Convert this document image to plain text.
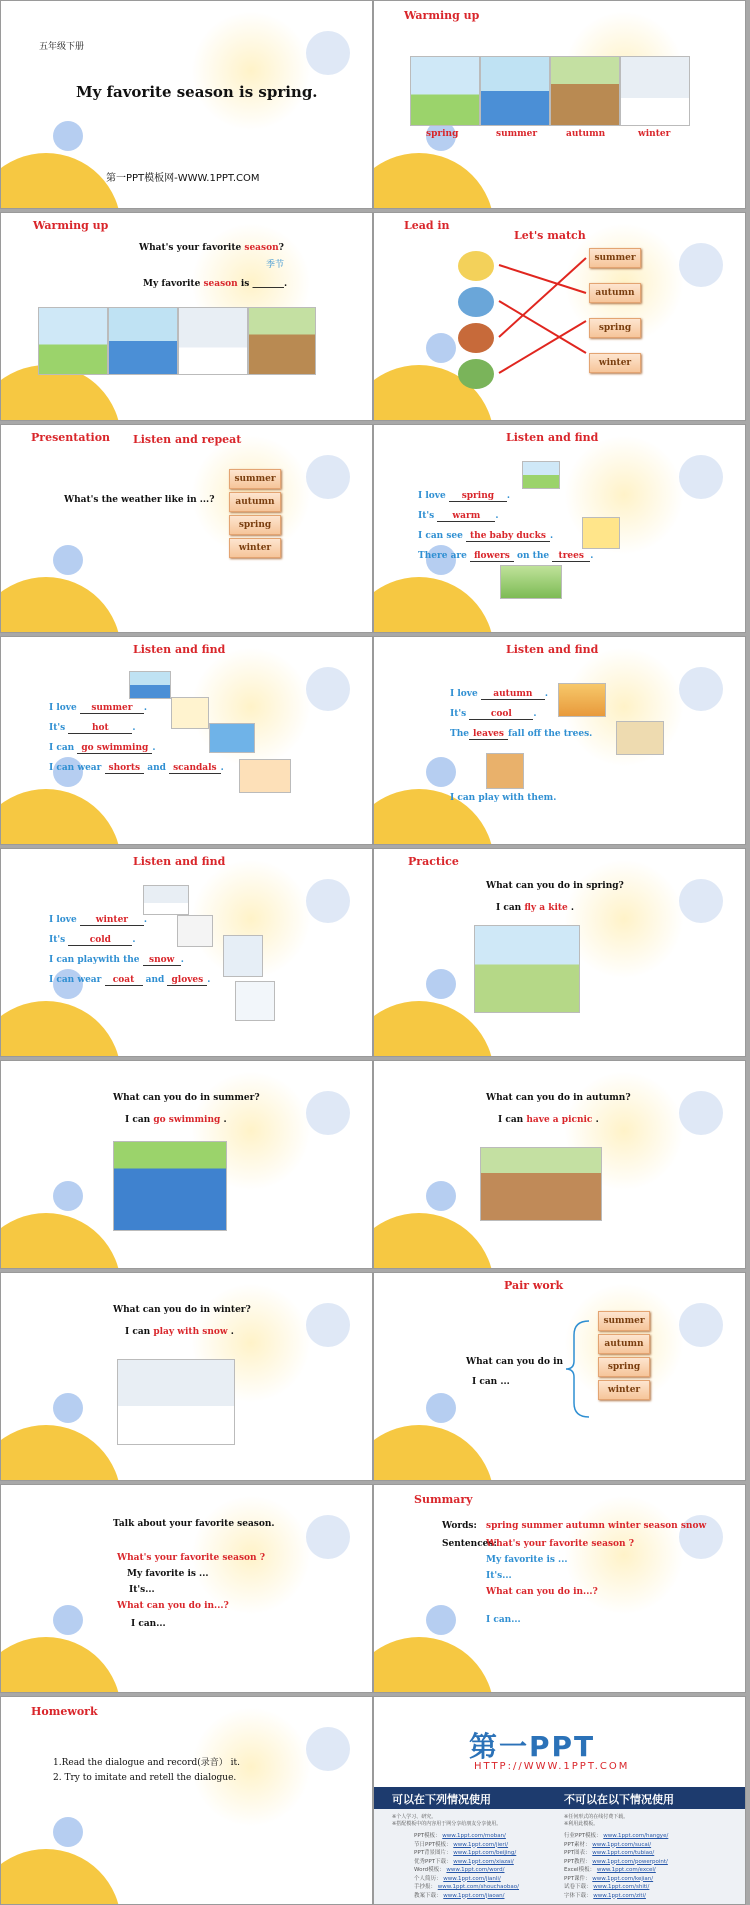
五年级下册
My favorite season is spring.
第一PPT模板网-WWW.1PPT.COM
Warming up
spring	summer	autumn	winter
Warming up
What's your favorite season?
季节
My favorite season is _______.
Lead in
Let's match
summer
autumn
spring
winter
Presentation Listen and repeat
What's the weather like in ...?
summer
autumn
spring
winter
Listen and find
I love spring .
It's warm .
I can see the baby ducks .
There are flowers on the trees .
Listen and find
I love summer .
It's	hot	.
I can go swimming .
I can wear shorts and scandals .
Listen and find
I love autumn .
It's	cool .
The leaves fall off the trees.
I can play with them.
Listen and find
I love winter .
It's	cold .
I can playwith the snow .
I can wear coat and gloves .
Practice
What can you do in spring?
I can fly a kite .
What can you do in summer?
I can go swimming .
What can you do in autumn?
I can have a picnic .
What can you do in winter?
I can play with snow .
Pair work
What can you do in
I can ...
summer
autumn
spring
winter
Talk about your favorite season.
What's your favorite season ?
My favorite is ...
It's...
What can you do in...?
I can...
Summary
Words: spring summer autumn winter season snow
Sentences:
What's your favorite season ?
My favorite is ...
It's...
What can you do in...?
I can...
Homework
1.Read the dialogue and record(录音） it.
2. Try to imitate and retell the dialogue.
第一PPT
HTTP://WWW.1PPT.COM
可以在下列情况使用	不可以在以下情况使用
※个人学习、研究。
※搭配模板中的内容用于网分享给朋友分享使用。
※任何形式的在线付费下载。
※利用此模板。
PPT模板： www.1ppt.com/moban/
节日PPT模板： www.1ppt.com/jieri/
PPT背景图片： www.1ppt.com/beijing/
优秀PPT下载： www.1ppt.com/xiazai/
Word模板： www.1ppt.com/word/
个人简历： www.1ppt.com/jianli/
手抄报： www.1ppt.com/shouchaobao/
教案下载： www.1ppt.com/jiaoan/
行业PPT模板： www.1ppt.com/hangye/
PPT素材： www.1ppt.com/sucai/
PPT图表： www.1ppt.com/tubiao/
PPT教程： www.1ppt.com/powerpoint/
Excel模板： www.1ppt.com/excel/
PPT课件： www.1ppt.com/kejian/
试卷下载： www.1ppt.com/shiti/
字体下载： www.1ppt.com/ziti/
